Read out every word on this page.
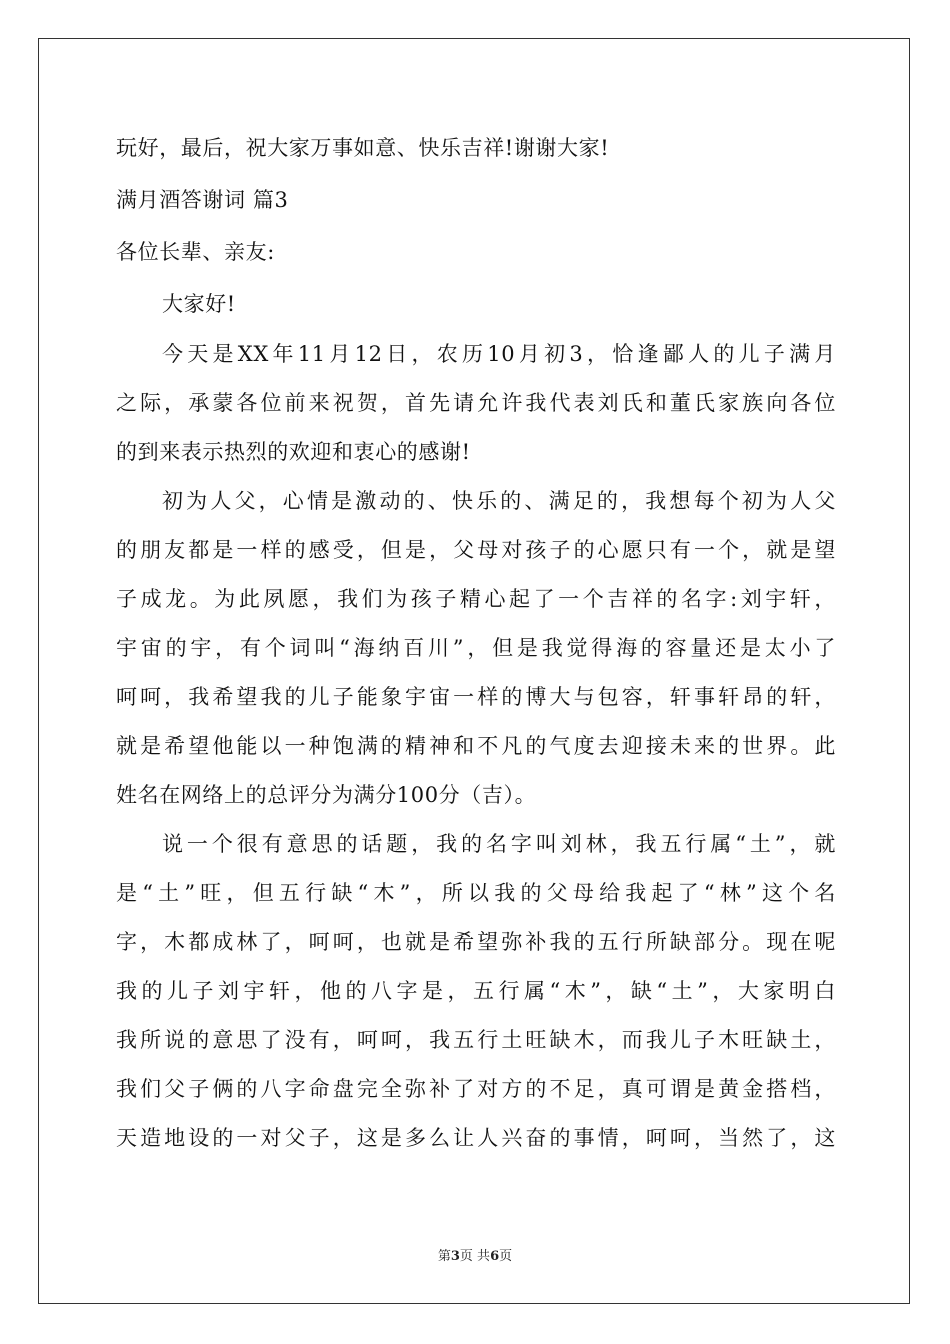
玩好，最后，祝大家万事如意、快乐吉祥!谢谢大家!
满月酒答谢词 篇3
各位长辈、亲友:
大家好!
今天是XX年11月12日，农历10月初3，恰逢鄙人的儿子满月
之际，承蒙各位前来祝贺，首先请允许我代表刘氏和董氏家族向各位
的到来表示热烈的欢迎和衷心的感谢!
初为人父，心情是激动的、快乐的、满足的，我想每个初为人父
的朋友都是一样的感受，但是，父母对孩子的心愿只有一个，就是望
子成龙。为此夙愿，我们为孩子精心起了一个吉祥的名字:刘宇轩，
宇宙的宇，有个词叫“海纳百川”，但是我觉得海的容量还是太小了
呵呵，我希望我的儿子能象宇宙一样的博大与包容，轩事轩昂的轩，
就是希望他能以一种饱满的精神和不凡的气度去迎接未来的世界。此
姓名在网络上的总评分为满分100分（吉）。
说一个很有意思的话题，我的名字叫刘林，我五行属“土”，就
是“土”旺，但五行缺“木”，所以我的父母给我起了“林”这个名
字，木都成林了，呵呵，也就是希望弥补我的五行所缺部分。现在呢
我的儿子刘宇轩，他的八字是，五行属“木”，缺“土”，大家明白
我所说的意思了没有，呵呵，我五行土旺缺木，而我儿子木旺缺土，
我们父子俩的八字命盘完全弥补了对方的不足，真可谓是黄金搭档，
天造地设的一对父子，这是多么让人兴奋的事情，呵呵，当然了，这
第3页 共6页
